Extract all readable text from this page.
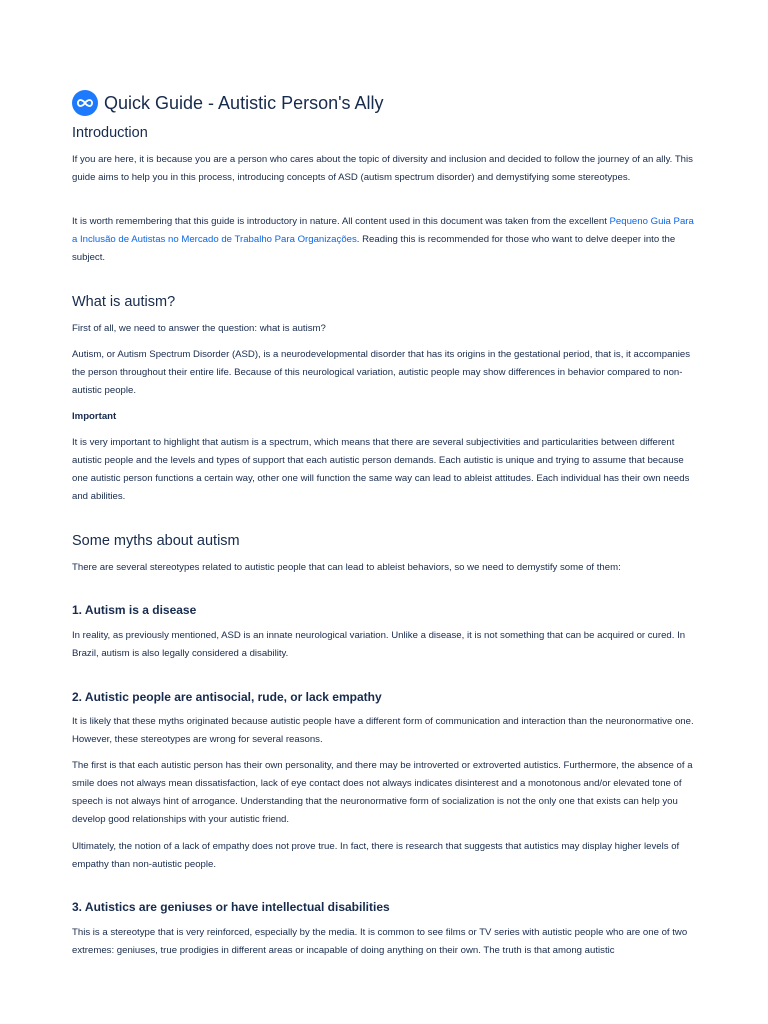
Quick Guide - Autistic Person's Ally
Introduction
If you are here, it is because you are a person who cares about the topic of diversity and inclusion and decided to follow the journey of an ally. This guide aims to help you in this process, introducing concepts of ASD (autism spectrum disorder) and demystifying some stereotypes.
It is worth remembering that this guide is introductory in nature. All content used in this document was taken from the excellent Pequeno Guia Para a Inclusão de Autistas no Mercado de Trabalho Para Organizações. Reading this is recommended for those who want to delve deeper into the subject.
What is autism?
First of all, we need to answer the question: what is autism?
Autism, or Autism Spectrum Disorder (ASD), is a neurodevelopmental disorder that has its origins in the gestational period, that is, it accompanies the person throughout their entire life. Because of this neurological variation, autistic people may show differences in behavior compared to non-autistic people.
Important
It is very important to highlight that autism is a spectrum, which means that there are several subjectivities and particularities between different autistic people and the levels and types of support that each autistic person demands. Each autistic is unique and trying to assume that because one autistic person functions a certain way, other one will function the same way can lead to ableist attitudes. Each individual has their own needs and abilities.
Some myths about autism
There are several stereotypes related to autistic people that can lead to ableist behaviors, so we need to demystify some of them:
1. Autism is a disease
In reality, as previously mentioned, ASD is an innate neurological variation. Unlike a disease, it is not something that can be acquired or cured. In Brazil, autism is also legally considered a disability.
2. Autistic people are antisocial, rude, or lack empathy
It is likely that these myths originated because autistic people have a different form of communication and interaction than the neuronormative one. However, these stereotypes are wrong for several reasons.
The first is that each autistic person has their own personality, and there may be introverted or extroverted autistics. Furthermore, the absence of a smile does not always mean dissatisfaction, lack of eye contact does not always indicates disinterest and a monotonous and/or elevated tone of speech is not always hint of arrogance. Understanding that the neuronormative form of socialization is not the only one that exists can help you develop good relationships with your autistic friend.
Ultimately, the notion of a lack of empathy does not prove true. In fact, there is research that suggests that autistics may display higher levels of empathy than non-autistic people.
3. Autistics are geniuses or have intellectual disabilities
This is a stereotype that is very reinforced, especially by the media. It is common to see films or TV series with autistic people who are one of two extremes: geniuses, true prodigies in different areas or incapable of doing anything on their own. The truth is that among autistic
